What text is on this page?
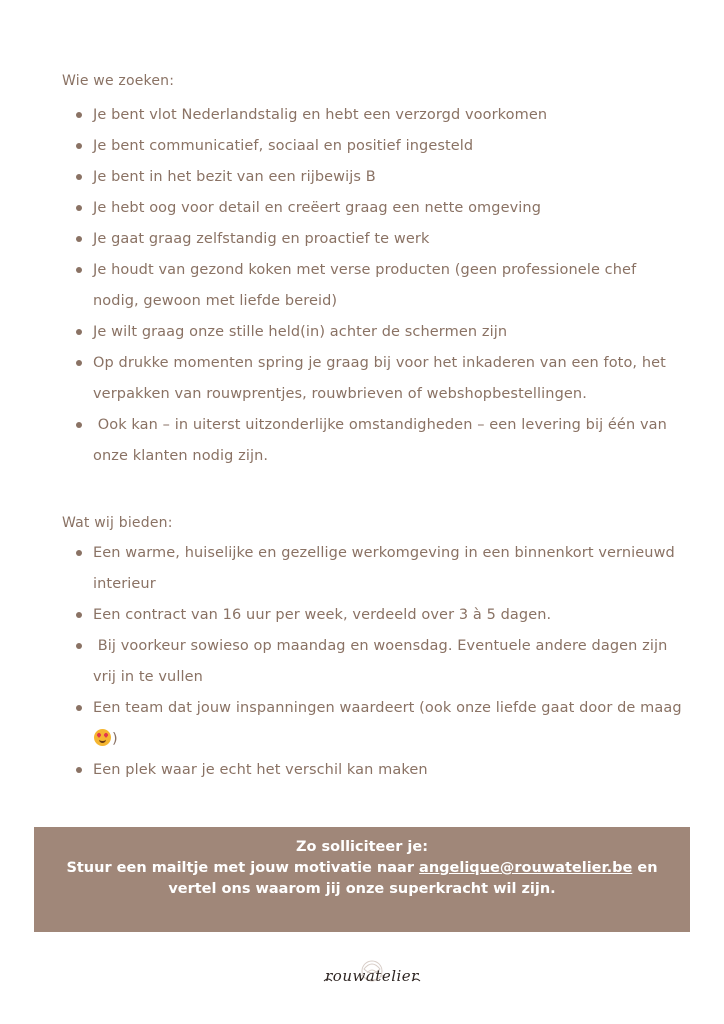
Wie we zoeken:
Je bent vlot Nederlandstalig en hebt een verzorgd voorkomen
Je bent communicatief, sociaal en positief ingesteld
Je bent in het bezit van een rijbewijs B
Je hebt oog voor detail en creëert graag een nette omgeving
Je gaat graag zelfstandig en proactief te werk
Je houdt van gezond koken met verse producten (geen professionele chef nodig, gewoon met liefde bereid)
Je wilt graag onze stille held(in) achter de schermen zijn
Op drukke momenten spring je graag bij voor het inkaderen van een foto, het verpakken van rouwprentjes, rouwbrieven of webshopbestellingen.
Ook kan – in uiterst uitzonderlijke omstandigheden – een levering bij één van onze klanten nodig zijn.
Wat wij bieden:
Een warme, huiselijke en gezellige werkomgeving in een binnenkort vernieuwd interieur
Een contract van 16 uur per week, verdeeld over 3 à 5 dagen.
Bij voorkeur sowieso op maandag en woensdag. Eventuele andere dagen zijn vrij in te vullen
Een team dat jouw inspanningen waardeert (ook onze liefde gaat door de maag
)
Een plek waar je echt het verschil kan maken
Zo solliciteer je:
Stuur een mailtje met jouw motivatie naar angelique@rouwatelier.be en
vertel ons waarom jij onze superkracht wil zijn.
rouwatelier
